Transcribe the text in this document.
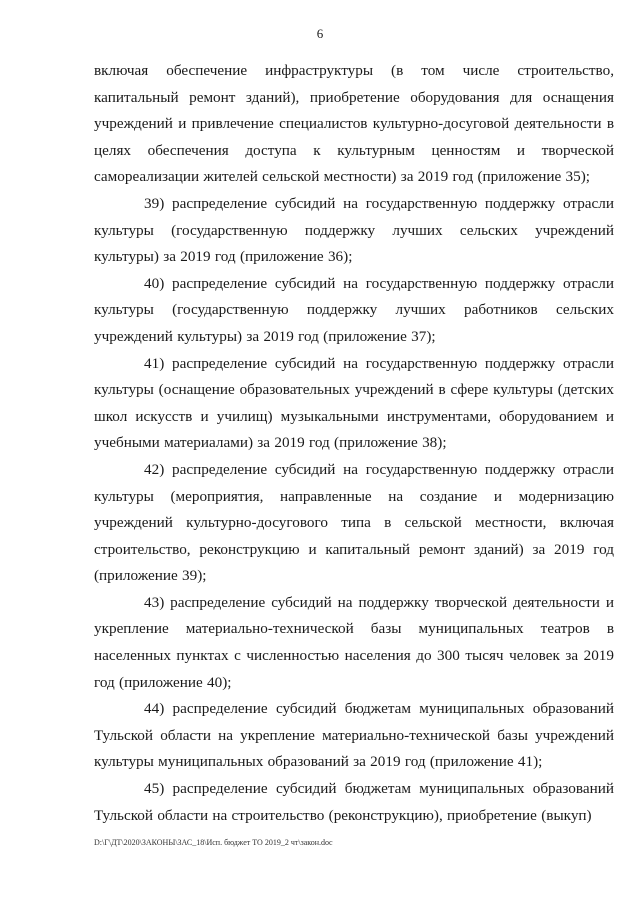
6

включая обеспечение инфраструктуры (в том числе строительство, капитальный ремонт зданий), приобретение оборудования для оснащения учреждений и привлечение специалистов культурно-досуговой деятельности в целях обеспечения доступа к культурным ценностям и творческой самореализации жителей сельской местности) за 2019 год (приложение 35);

39) распределение субсидий на государственную поддержку отрасли культуры (государственную поддержку лучших сельских учреждений культуры) за 2019 год (приложение 36);

40) распределение субсидий на государственную поддержку отрасли культуры (государственную поддержку лучших работников сельских учреждений культуры) за 2019 год (приложение 37);

41) распределение субсидий на государственную поддержку отрасли культуры (оснащение образовательных учреждений в сфере культуры (детских школ искусств и училищ) музыкальными инструментами, оборудованием и учебными материалами) за 2019 год (приложение 38);

42) распределение субсидий на государственную поддержку отрасли культуры (мероприятия, направленные на создание и модернизацию учреждений культурно-досугового типа в сельской местности, включая строительство, реконструкцию и капитальный ремонт зданий) за 2019 год (приложение 39);

43) распределение субсидий на поддержку творческой деятельности и укрепление материально-технической базы муниципальных театров в населенных пунктах с численностью населения до 300 тысяч человек за 2019 год (приложение 40);

44) распределение субсидий бюджетам муниципальных образований Тульской области на укрепление материально-технической базы учреждений культуры муниципальных образований за 2019 год (приложение 41);

45) распределение субсидий бюджетам муниципальных образований Тульской области на строительство (реконструкцию), приобретение (выкуп)

D:\Г\ДТ\2020\ЗАКОНЫ\ЗАС_18\Исп. бюджет ТО 2019_2 чт\закон.doc
